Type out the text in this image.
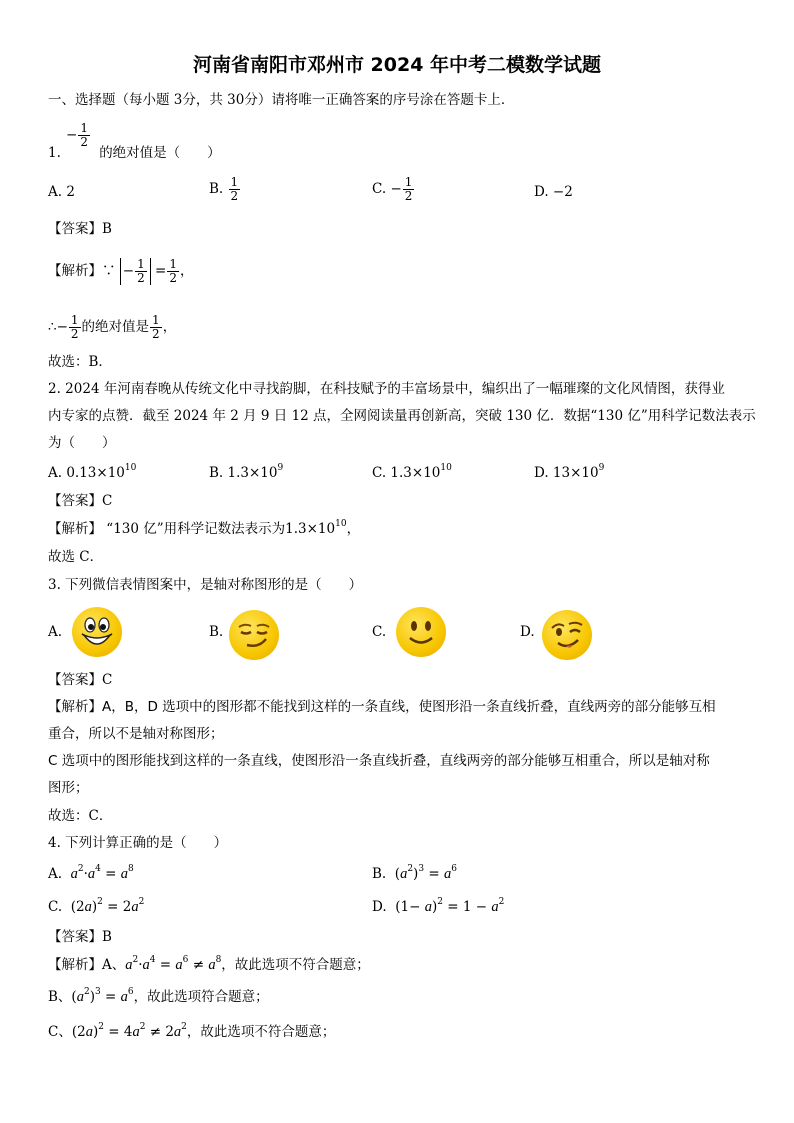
河南省南阳市邓州市 2024 年中考二模数学试题
一、选择题（每小题 3分，共 30分）请将唯一正确答案的序号涂在答题卡上．
− $\frac{1}{2}$
1.	的绝对值是（　　）
A. 2	B. $\frac{1}{2}$	C. − $\frac{1}{2}$	D. −2
【答案】B
【解析】∵ − $\frac{1}{2} = \frac{1}{2}$ ，
∴− $\frac{1}{2}$ 的绝对值是 $\frac{1}{2}$ ，
故选：B．
2. 2024 年河南春晚从传统文化中寻找韵脚，在科技赋予的丰富场景中，编织出了一幅璀璨的文化风情图，获得业
内专家的点赞．截至 2024 年 2 月 9 日 12 点，全网阅读量再创新高，突破 130 亿．数据“130 亿”用科学记数法表示
为（　　）
A. $0.13\times 10^{10}$	B. $1.3\times 10^9$	C. $1.3\times 10^{10}$	D. $13\times 10^9$
【答案】C
【解析】 “130 亿”用科学记数法表示为$1.3\times 10^{10}$，
故选 C．
3. 下列微信表情图案中，是轴对称图形的是（　　）
A.	B.	C.	D.
【答案】C
【解析】A，B，D 选项中的图形都不能找到这样的一条直线，使图形沿一条直线折叠，直线两旁的部分能够互相
重合，所以不是轴对称图形；
C 选项中的图形能找到这样的一条直线，使图形沿一条直线折叠，直线两旁的部分能够互相重合，所以是轴对称
图形；
故选：C．
4. 下列计算正确的是（　　）
A.  $a^2\cdot a^4 = a^8$	B.  $(a^2)^3 = a^6$
C.  $(2a)^2 = 2a^2$	D.  $(1- a)^2 = 1 - a^2$
【答案】B
【解析】A、$a^2\cdot a^4 = a^6 \ne a^8$，故此选项不符合题意；
B、$(a^2)^3 = a^6$，故此选项符合题意；
C、$(2a)^2 = 4a^2 \ne 2a^2$，故此选项不符合题意；
